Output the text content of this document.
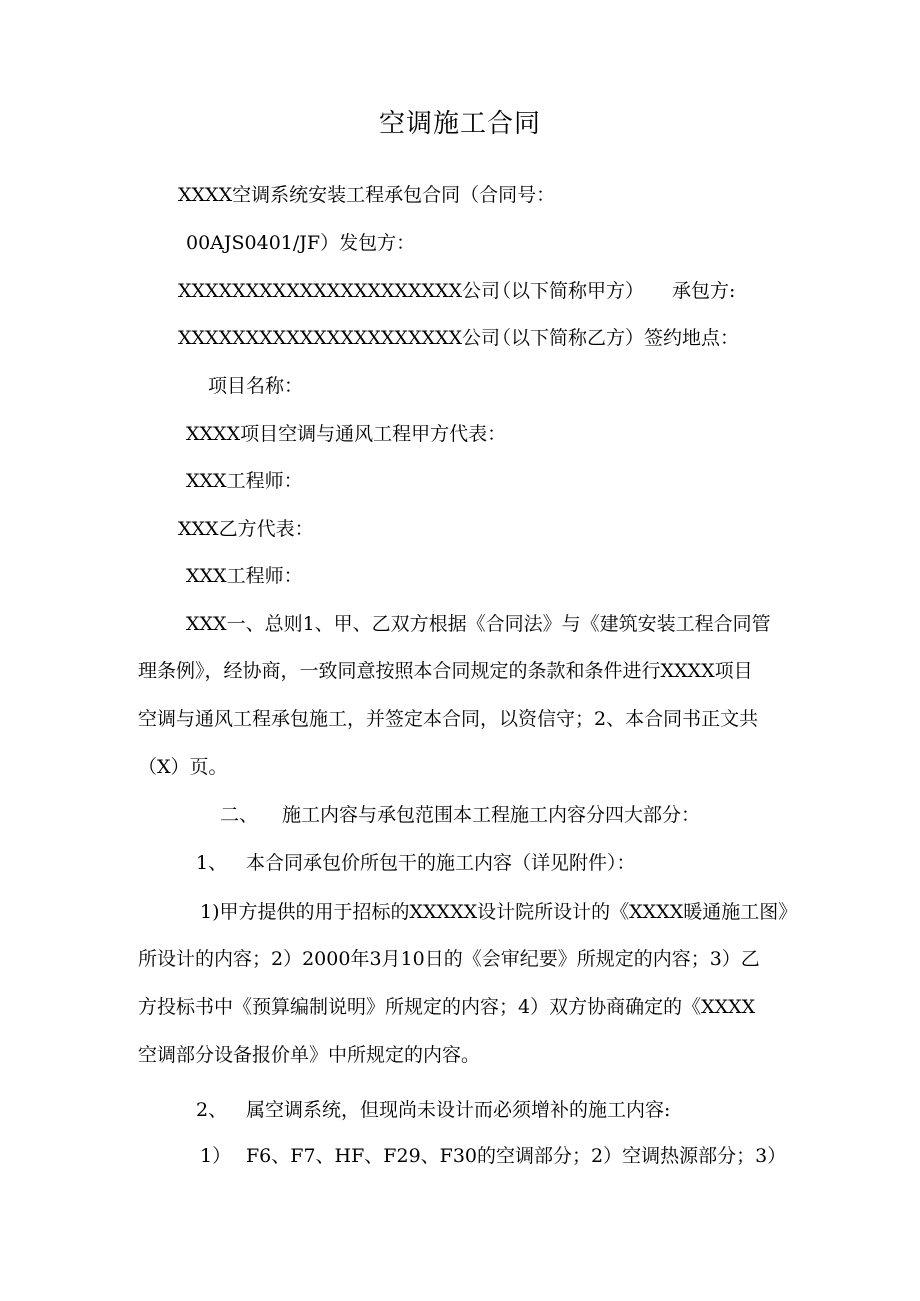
空调施工合同
XXXX空调系统安装工程承包合同（合同号：
00AJS0401/JF）发包方：
XXXXXXXXXXXXXXXXXXXXX公司
（以下简称甲方） 承包方:
XXXXXXXXXXXXXXXXXXXXX公司
（以下简称乙方）签约地点：
项目名称：
XXXX项目空调与通风工程甲方代表：
XXX工程师：
XXX乙方代表：
XXX工程师：
XXX一、总则1、甲、乙双方根据《合同法》与《建筑安装工程合同管
理条例》，经协商，一致同意按照本合同规定的条款和条件进行XXXX项目
空调与通风工程承包施工，并签定本合同，以资信守；2、本合同书正文共
（X）页。
二、 施工内容与承包范围本工程施工内容分四大部分：
1、 本合同承包价所包干的施工内容（详见附件）：
1)甲方提供的用于招标的XXXXX设计院所设计的《XXXX暖通施工图》
所设计的内容；2）2000年3月10日的《会审纪要》所规定的内容；3）乙
方投标书中《预算编制说明》所规定的内容；4）双方协商确定的《XXXX
空调部分设备报价单》中所规定的内容。
2、 属空调系统，但现尚未设计而必须增补的施工内容:
1） F6、F7、HF、F29、F30的空调部分；2）空调热源部分；3）
